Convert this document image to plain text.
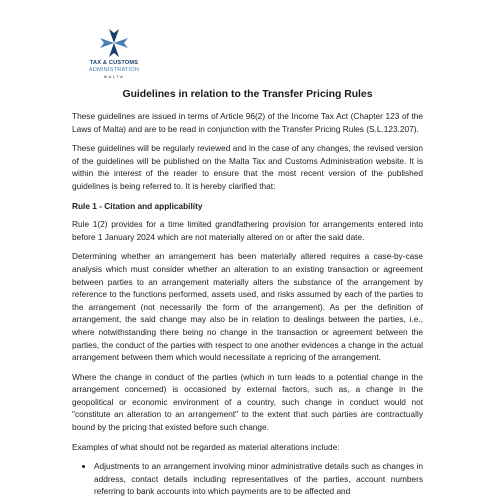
TAX & CUSTOMS
ADMINISTRATION
MALTA
Guidelines in relation to the Transfer Pricing Rules

These guidelines are issued in terms of Article 96(2) of the Income Tax Act (Chapter 123 of the Laws of Malta) and are to be read in conjunction with the Transfer Pricing Rules (S.L.123.207).

These guidelines will be regularly reviewed and in the case of any changes, the revised version of the guidelines will be published on the Malta Tax and Customs Administration website. It is within the interest of the reader to ensure that the most recent version of the published guidelines is being referred to. It is hereby clarified that:

Rule 1 - Citation and applicability

Rule 1(2) provides for a time limited grandfathering provision for arrangements entered into before 1 January 2024 which are not materially altered on or after the said date.

Determining whether an arrangement has been materially altered requires a case-by-case analysis which must consider whether an alteration to an existing transaction or agreement between parties to an arrangement materially alters the substance of the arrangement by reference to the functions performed, assets used, and risks assumed by each of the parties to the arrangement (not necessarily the form of the arrangement). As per the definition of arrangement, the said change may also be in relation to dealings between the parties, i.e., where notwithstanding there being no change in the transaction or agreement between the parties, the conduct of the parties with respect to one another evidences a change in the actual arrangement between them which would necessitate a repricing of the arrangement.

Where the change in conduct of the parties (which in turn leads to a potential change in the arrangement concerned) is occasioned by external factors, such as, a change in the geopolitical or economic environment of a country, such change in conduct would not "constitute an alteration to an arrangement" to the extent that such parties are contractually bound by the pricing that existed before such change.

Examples of what should not be regarded as material alterations include:

• Adjustments to an arrangement involving minor administrative details such as changes in address, contact details including representatives of the parties, account numbers referring to bank accounts into which payments are to be affected and
